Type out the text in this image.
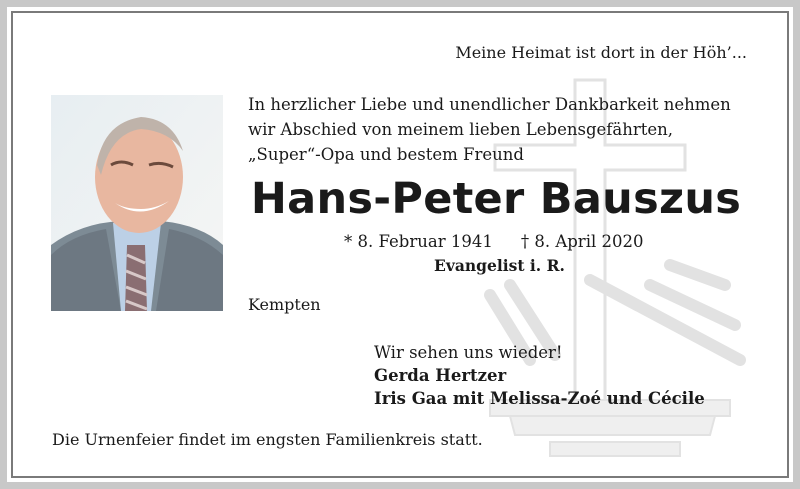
Meine Heimat ist dort in der Höh’...
In herzlicher Liebe und unendlicher Dankbarkeit nehmen
wir Abschied von meinem lieben Lebensgefährten,
„Super“-Opa und bestem Freund
Hans-Peter Bauszus
* 8. Februar 1941 † 8. April 2020
Evangelist i. R.
Kempten
Wir sehen uns wieder!
Gerda Hertzer
Iris Gaa mit Melissa-Zoé und Cécile
Die Urnenfeier findet im engsten Familienkreis statt.
